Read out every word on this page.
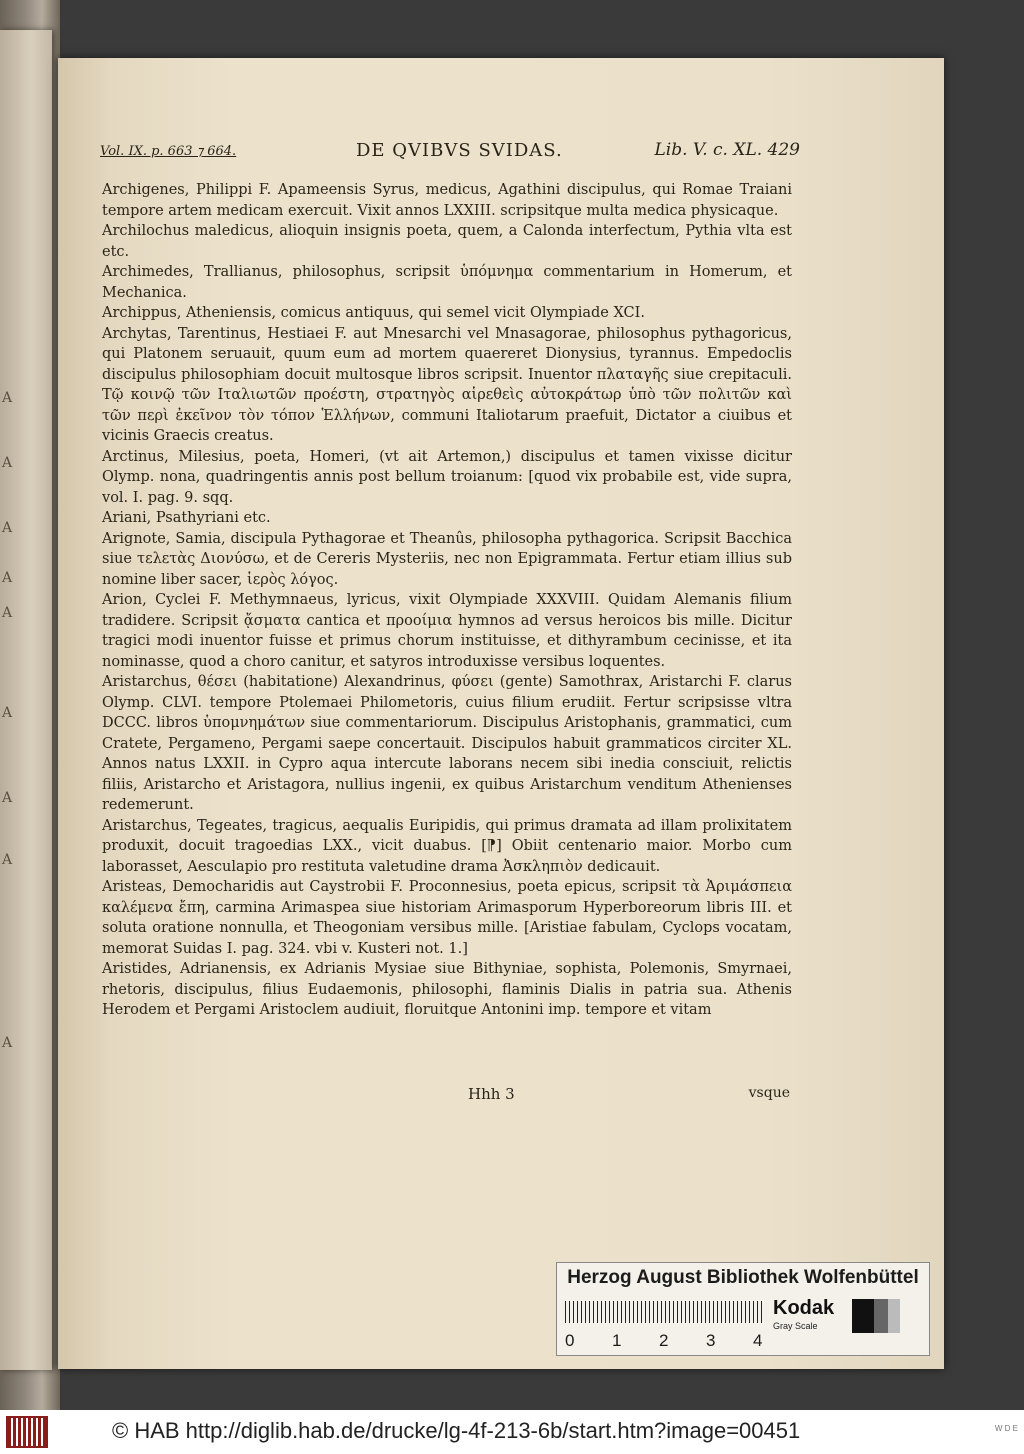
A
A
A
A
A
A
A
A
A
Vol. IX. p. 663 ⁊ 664.	DE QVIBVS SVIDAS.	Lib. V. c. XL. 429

Archigenes, Philippi F. Apameensis Syrus, medicus, Agathini discipulus, qui Romae Traiani tempore artem medicam exercuit. Vixit annos LXXIII. scripsitque multa medica physicaque.

Archilochus maledicus, alioquin insignis poeta, quem, a Calonda interfectum, Pythia vlta est etc.

Archimedes, Trallianus, philosophus, scripsit ὑπόμνημα commentarium in Homerum, et Mechanica.

Archippus, Atheniensis, comicus antiquus, qui semel vicit Olympiade XCI.

Archytas, Tarentinus, Hestiaei F. aut Mnesarchi vel Mnasagorae, philosophus pythagoricus, qui Platonem seruauit, quum eum ad mortem quaereret Dionysius, tyrannus. Empedoclis discipulus philosophiam docuit multosque libros scripsit. Inuentor πλαταγῆς siue crepitaculi. Τῷ κοινῷ τῶν Ιταλιωτῶν προέστη, στρατηγὸς αἱρεθεὶς αὐτοκράτωρ ὑπὸ τῶν πολιτῶν καὶ τῶν περὶ ἐκεῖνον τὸν τόπον Ἑλλήνων, communi Italiotarum praefuit, Dictator a ciuibus et vicinis Graecis creatus.

Arctinus, Milesius, poeta, Homeri, (vt ait Artemon,) discipulus et tamen vixisse dicitur Olymp. nona, quadringentis annis post bellum troianum: [quod vix probabile est, vide supra, vol. I. pag. 9. sqq.

Ariani, Psathyriani etc.

Arignote, Samia, discipula Pythagorae et Theanûs, philosopha pythagorica. Scripsit Bacchica siue τελετὰς Διονύσω, et de Cereris Mysteriis, nec non Epigrammata. Fertur etiam illius sub nomine liber sacer, ἱερὸς λόγος.

Arion, Cyclei F. Methymnaeus, lyricus, vixit Olympiade XXXVIII. Quidam Alemanis filium tradidere. Scripsit ᾄσματα cantica et προοίμια hymnos ad versus heroicos bis mille. Dicitur tragici modi inuentor fuisse et primus chorum instituisse, et dithyrambum cecinisse, et ita nominasse, quod a choro canitur, et satyros introduxisse versibus loquentes.

Aristarchus, θέσει (habitatione) Alexandrinus, φύσει (gente) Samothrax, Aristarchi F. clarus Olymp. CLVI. tempore Ptolemaei Philometoris, cuius filium erudiit. Fertur scripsisse vltra DCCC. libros ὑπομνημάτων siue commentariorum. Discipulus Aristophanis, grammatici, cum Cratete, Pergameno, Pergami saepe concertauit. Discipulos habuit grammaticos circiter XL. Annos natus LXXII. in Cypro aqua intercute laborans necem sibi inedia consciuit, relictis filiis, Aristarcho et Aristagora, nullius ingenii, ex quibus Aristarchum venditum Athenienses redemerunt.

Aristarchus, Tegeates, tragicus, aequalis Euripidis, qui primus dramata ad illam prolixitatem produxit, docuit tragoedias LXX., vicit duabus. [⁋] Obiit centenario maior. Morbo cum laborasset, Aesculapio pro restituta valetudine drama Ἀσκληπιὸν dedicauit.

Aristeas, Democharidis aut Caystrobii F. Proconnesius, poeta epicus, scripsit τὰ Ἀριμάσπεια καλέμενα ἔπη, carmina Arimaspea siue historiam Arimasporum Hyperboreorum libris III. et soluta oratione nonnulla, et Theogoniam versibus mille. [Aristiae fabulam, Cyclops vocatam, memorat Suidas I. pag. 324. vbi v. Kusteri not. 1.]

Aristides, Adrianensis, ex Adrianis Mysiae siue Bithyniae, sophista, Polemonis, Smyrnaei, rhetoris, discipulus, filius Eudaemonis, philosophi, flaminis Dialis in patria sua. Athenis Herodem et Pergami Aristoclem audiuit, floruitque Antonini imp. tempore et vitam

Hhh 3	vsque
Herzog August Bibliothek Wolfenbüttel
0 1 2 3 4
Kodak
Gray Scale
© HAB http://diglib.hab.de/drucke/lg-4f-213-6b/start.htm?image=00451	W D E
